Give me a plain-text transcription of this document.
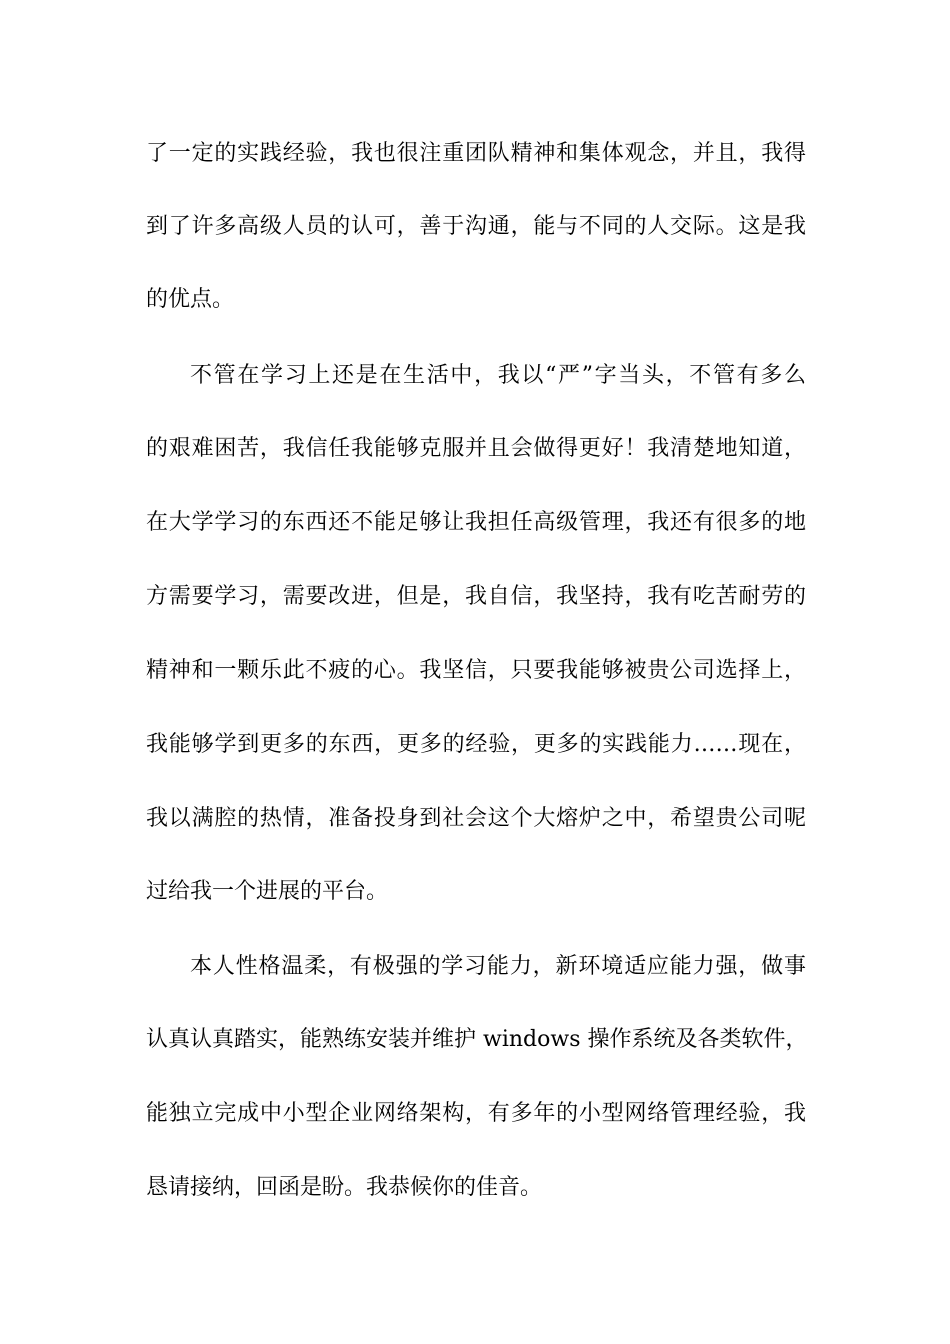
了一定的实践经验，我也很注重团队精神和集体观念，并且，我得
到了许多高级人员的认可，善于沟通，能与不同的人交际。这是我
的优点。
不管在学习上还是在生活中，我以“严”字当头，不管有多么
的艰难困苦，我信任我能够克服并且会做得更好！我清楚地知道，
在大学学习的东西还不能足够让我担任高级管理，我还有很多的地
方需要学习，需要改进，但是，我自信，我坚持，我有吃苦耐劳的
精神和一颗乐此不疲的心。我坚信，只要我能够被贵公司选择上，
我能够学到更多的东西，更多的经验，更多的实践能力……现在，
我以满腔的热情，准备投身到社会这个大熔炉之中，希望贵公司呢
过给我一个进展的平台。
本人性格温柔，有极强的学习能力，新环境适应能力强，做事
认真认真踏实，能熟练安装并维护 windows 操作系统及各类软件，
能独立完成中小型企业网络架构，有多年的小型网络管理经验，我
恳请接纳，回函是盼。我恭候你的佳音。
